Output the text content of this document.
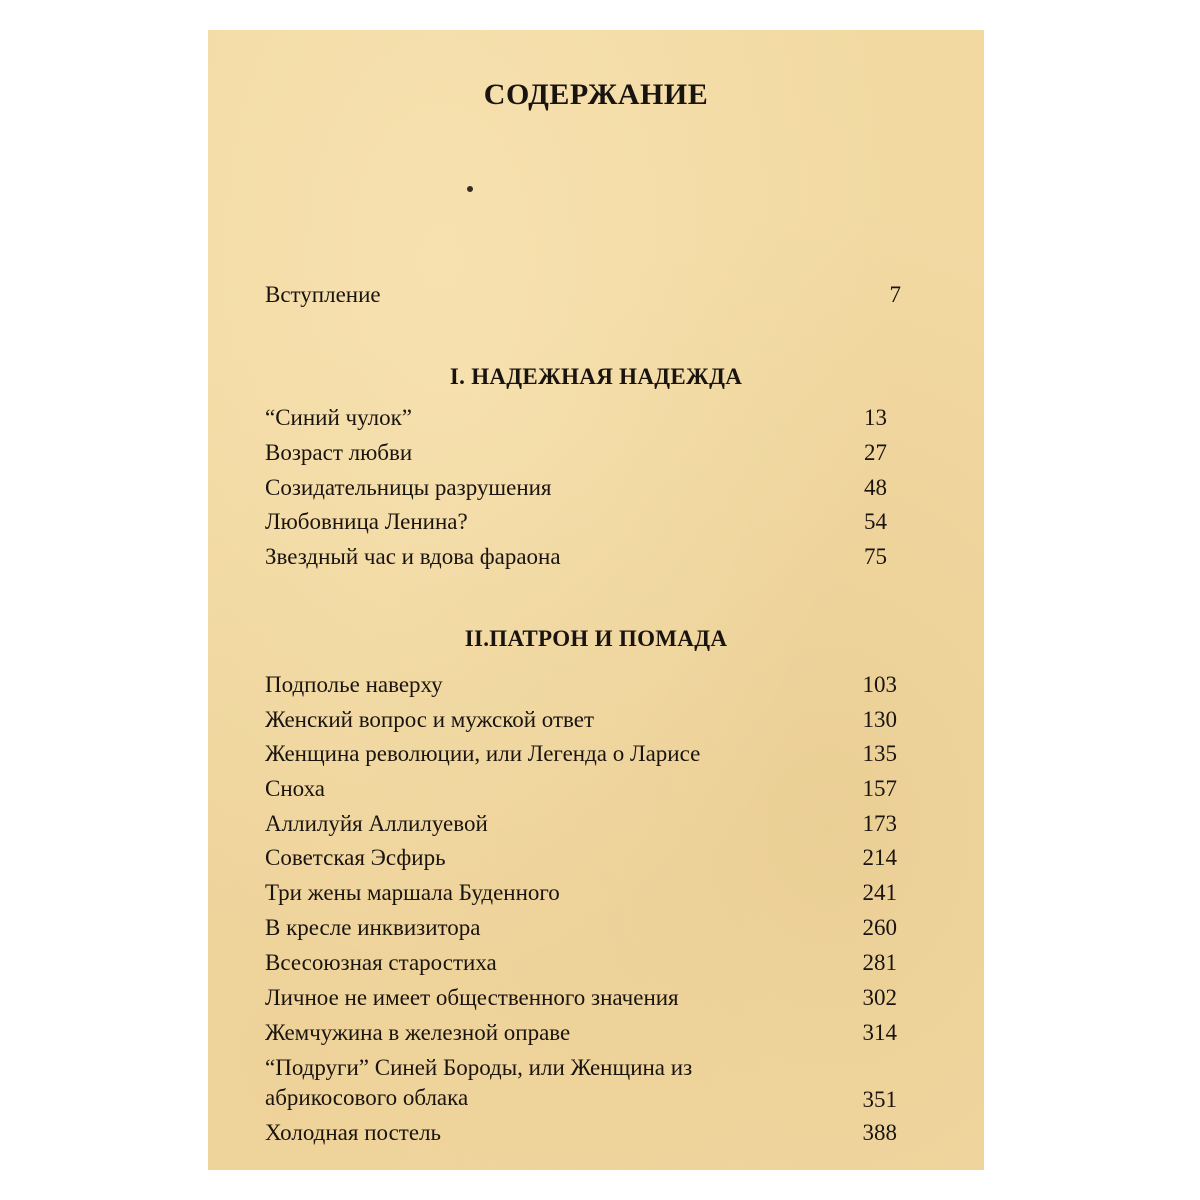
СОДЕРЖАНИЕ
Вступление	7
I. НАДЕЖНАЯ НАДЕЖДА
“Синий чулок”	13
Возраст любви	27
Созидательницы разрушения	48
Любовница Ленина?	54
Звездный час и вдова фараона	75
II.ПАТРОН И ПОМАДА
Подполье наверху	103
Женский вопрос и мужской ответ	130
Женщина революции, или Легенда о Ларисе	135
Сноха	157
Аллилуйя Аллилуевой	173
Советская Эсфирь	214
Три жены маршала Буденного	241
В кресле инквизитора	260
Всесоюзная старостиха	281
Личное не имеет общественного значения	302
Жемчужина в железной оправе	314
“Подруги” Синей Бороды, или Женщина из абрикосового облака	351
Холодная постель	388
